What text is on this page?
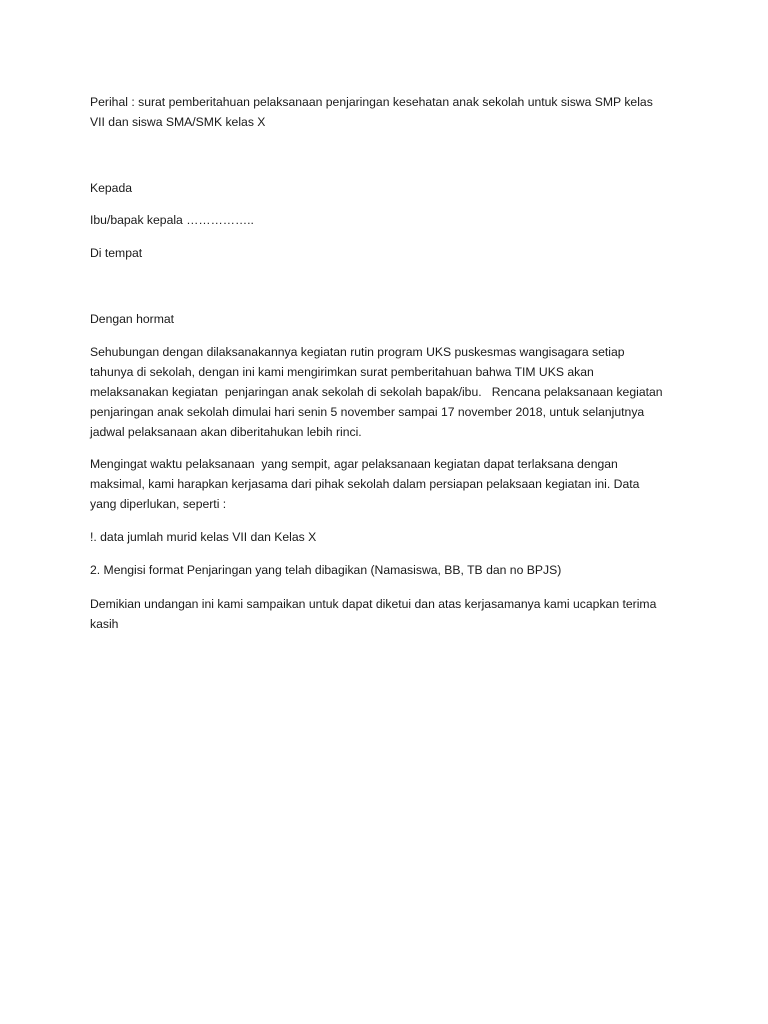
Perihal : surat pemberitahuan pelaksanaan penjaringan kesehatan anak sekolah untuk siswa SMP kelas

VII dan siswa SMA/SMK kelas X

Kepada

Ibu/bapak kepala ……………..

Di tempat

Dengan hormat

Sehubungan dengan dilaksanakannya kegiatan rutin program UKS puskesmas wangisagara setiap

tahunya di sekolah, dengan ini kami mengirimkan surat pemberitahuan bahwa TIM UKS akan

melaksanakan kegiatan  penjaringan anak sekolah di sekolah bapak/ibu.   Rencana pelaksanaan kegiatan

penjaringan anak sekolah dimulai hari senin 5 november sampai 17 november 2018, untuk selanjutnya

jadwal pelaksanaan akan diberitahukan lebih rinci.

Mengingat waktu pelaksanaan  yang sempit, agar pelaksanaan kegiatan dapat terlaksana dengan

maksimal, kami harapkan kerjasama dari pihak sekolah dalam persiapan pelaksaan kegiatan ini. Data

yang diperlukan, seperti :

!. data jumlah murid kelas VII dan Kelas X

2. Mengisi format Penjaringan yang telah dibagikan (Namasiswa, BB, TB dan no BPJS)

Demikian undangan ini kami sampaikan untuk dapat diketui dan atas kerjasamanya kami ucapkan terima

kasih
